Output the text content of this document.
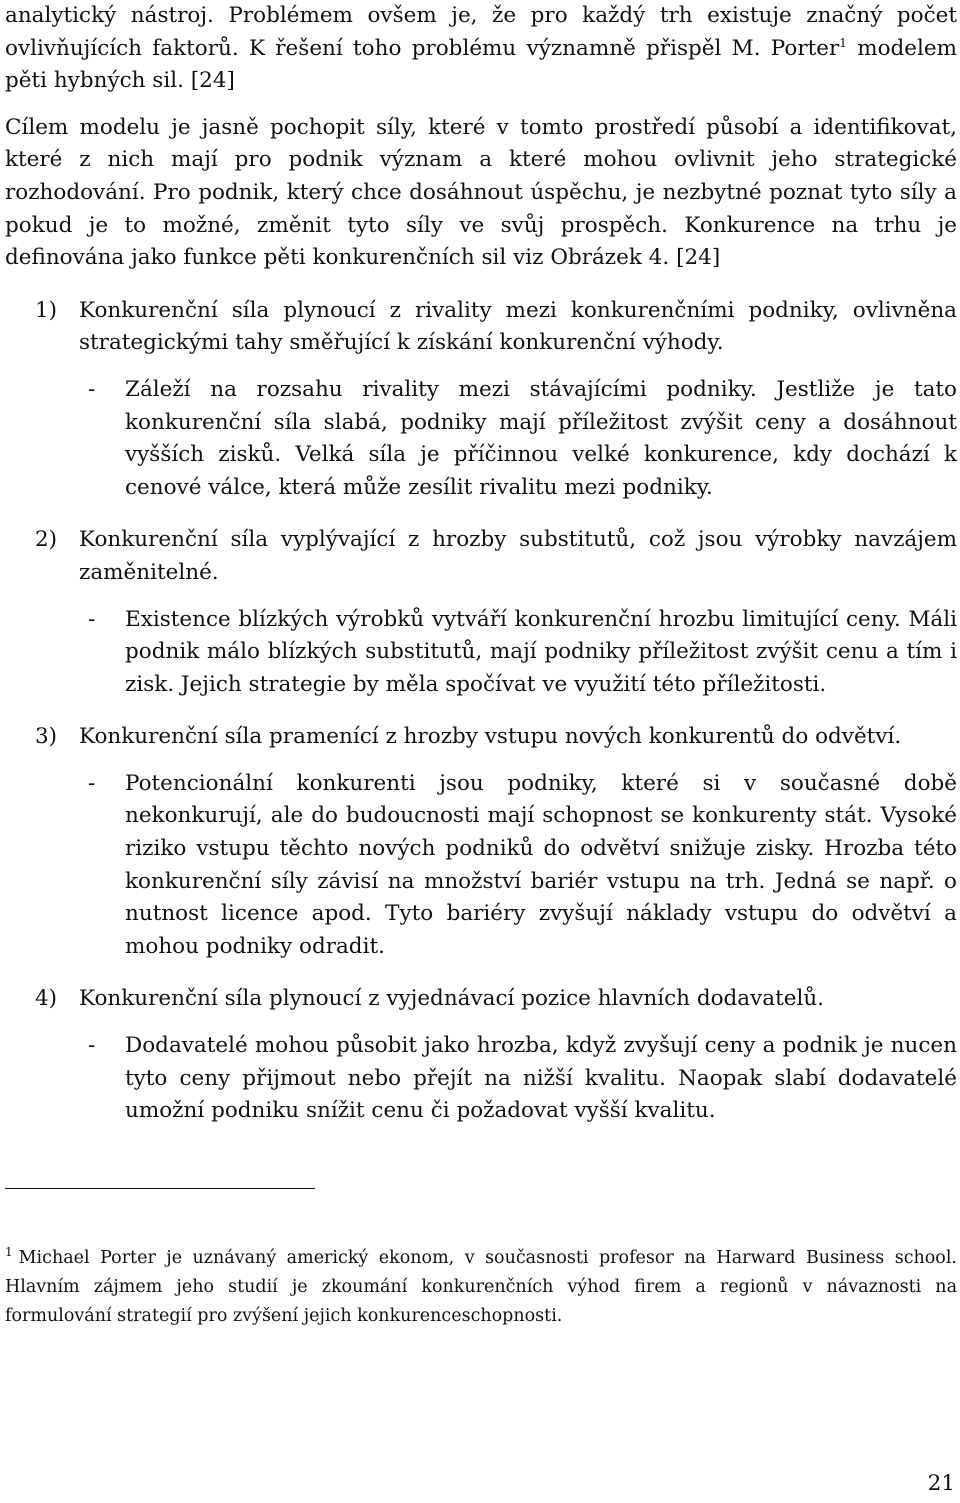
analytický nástroj. Problémem ovšem je, že pro každý trh existuje značný počet ovlivňujících faktorů. K řešení toho problému významně přispěl M. Porter$^1$ modelem pěti hybných sil. [24]

Cílem modelu je jasně pochopit síly, které v tomto prostředí působí a identifikovat, které z nich mají pro podnik význam a které mohou ovlivnit jeho strategické rozhodování. Pro podnik, který chce dosáhnout úspěchu, je nezbytné poznat tyto síly a pokud je to možné, změnit tyto síly ve svůj prospěch. Konkurence na trhu je definována jako funkce pěti konkurenčních sil viz Obrázek 4. [24]

1) Konkurenční síla plynoucí z rivality mezi konkurenčními podniky, ovlivněna strategickými tahy směřující k získání konkurenční výhody.

- Záleží na rozsahu rivality mezi stávajícími podniky. Jestliže je tato konkurenční síla slabá, podniky mají příležitost zvýšit ceny a dosáhnout vyšších zisků. Velká síla je příčinnou velké konkurence, kdy dochází k cenové válce, která může zesílit rivalitu mezi podniky.

2) Konkurenční síla vyplývající z hrozby substitutů, což jsou výrobky navzájem zaměnitelné.

- Existence blízkých výrobků vytváří konkurenční hrozbu limitující ceny. Máli podnik málo blízkých substitutů, mají podniky příležitost zvýšit cenu a tím i zisk. Jejich strategie by měla spočívat ve využití této příležitosti.

3) Konkurenční síla pramenící z hrozby vstupu nových konkurentů do odvětví.

- Potencionální konkurenti jsou podniky, které si v současné době nekonkurují, ale do budoucnosti mají schopnost se konkurenty stát. Vysoké riziko vstupu těchto nových podniků do odvětví snižuje zisky. Hrozba této konkurenční síly závisí na množství bariér vstupu na trh. Jedná se např. o nutnost licence apod. Tyto bariéry zvyšují náklady vstupu do odvětví a mohou podniky odradit.

4) Konkurenční síla plynoucí z vyjednávací pozice hlavních dodavatelů.

- Dodavatelé mohou působit jako hrozba, když zvyšují ceny a podnik je nucen tyto ceny přijmout nebo přejít na nižší kvalitu. Naopak slabí dodavatelé umožní podniku snížit cenu či požadovat vyšší kvalitu.

$^1$ Michael Porter je uznávaný americký ekonom, v současnosti profesor na Harward Business school. Hlavním zájmem jeho studií je zkoumání konkurenčních výhod firem a regionů v návaznosti na formulování strategií pro zvýšení jejich konkurenceschopnosti.

21
